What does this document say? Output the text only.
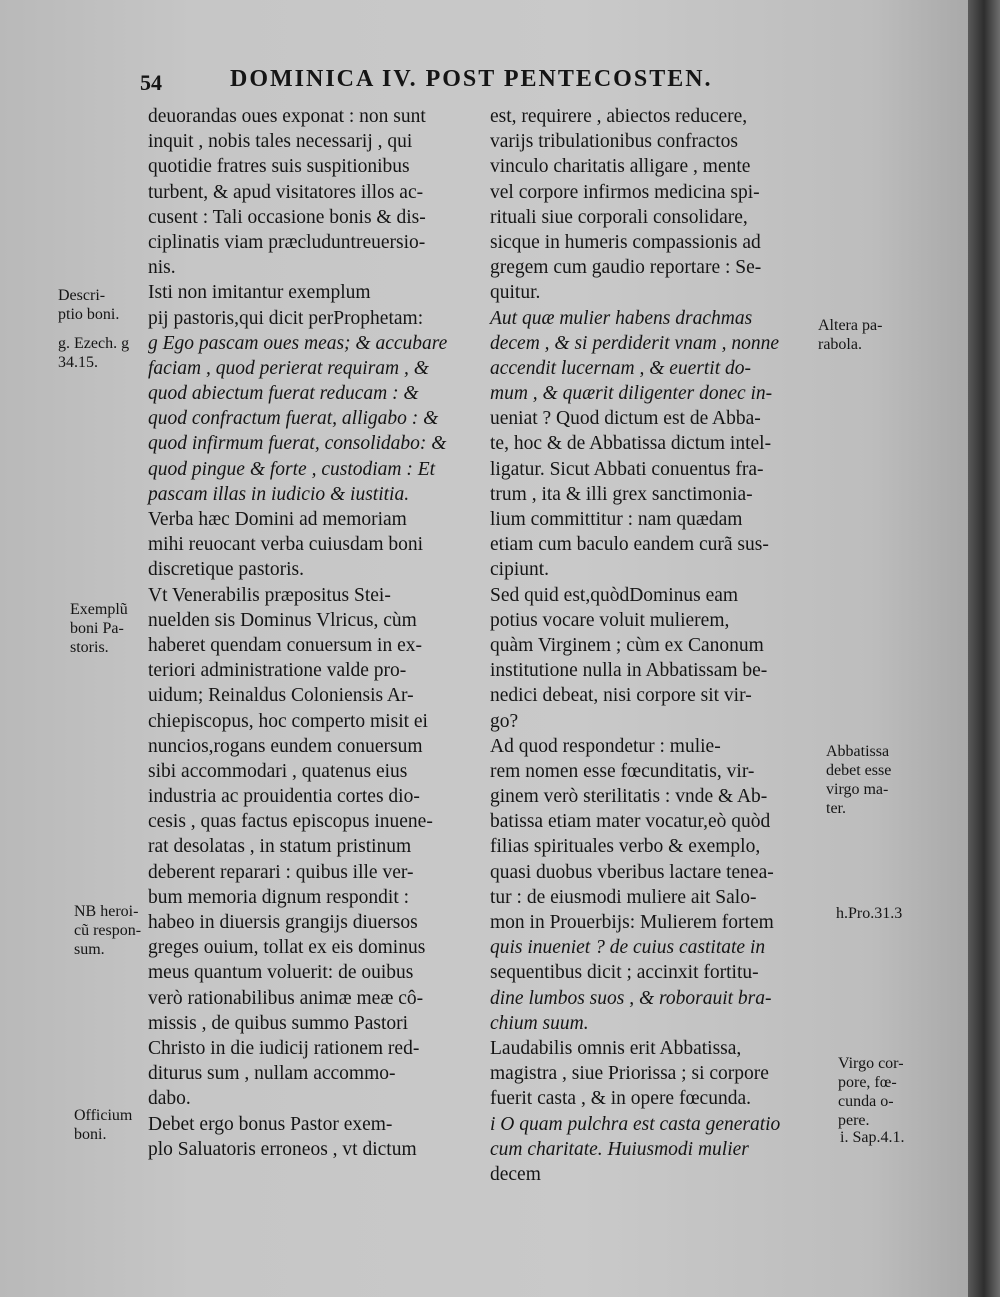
54	DOMINICA IV. POST PENTECOSTEN.
deuorandas oues exponat : non sunt
inquit , nobis tales necessarij , qui
quotidie fratres suis suspitionibus
turbent, & apud visitatores illos ac-
cusent : Tali occasione bonis & dis-
ciplinatis viam præcluduntreuersio-
nis.
Isti non imitantur exemplum
pij pastoris,qui dicit perProphetam:
g Ego pascam oues meas; & accubare
faciam , quod perierat requiram , &
quod abiectum fuerat reducam : &
quod confractum fuerat, alligabo : &
quod infirmum fuerat, consolidabo: &
quod pingue & forte , custodiam : Et
pascam illas in iudicio & iustitia.
Verba hæc Domini ad memoriam
mihi reuocant verba cuiusdam boni
discretique pastoris.
Vt Venerabilis præpositus Stei-
nuelden sis Dominus Vlricus, cùm
haberet quendam conuersum in ex-
teriori administratione valde pro-
uidum; Reinaldus Coloniensis Ar-
chiepiscopus, hoc comperto misit ei
nuncios,rogans eundem conuersum
sibi accommodari , quatenus eius
industria ac prouidentia cortes dio-
cesis , quas factus episcopus inuene-
rat desolatas , in statum pristinum
deberent reparari : quibus ille ver-
bum memoria dignum respondit :
habeo in diuersis grangijs diuersos
greges ouium, tollat ex eis dominus
meus quantum voluerit: de ouibus
verò rationabilibus animæ meæ cô-
missis , de quibus summo Pastori
Christo in die iudicij rationem red-
diturus sum , nullam accommo-
dabo.
Debet ergo bonus Pastor exem-
plo Saluatoris erroneos , vt dictum
est, requirere , abiectos reducere,
varijs tribulationibus confractos
vinculo charitatis alligare , mente
vel corpore infirmos medicina spi-
rituali siue corporali consolidare,
sicque in humeris compassionis ad
gregem cum gaudio reportare : Se-
quitur.
Aut quæ mulier habens drachmas
decem , & si perdiderit vnam , nonne
accendit lucernam , & euertit do-
mum , & quærit diligenter donec in-
ueniat ? Quod dictum est de Abba-
te, hoc & de Abbatissa dictum intel-
ligatur. Sicut Abbati conuentus fra-
trum , ita & illi grex sanctimonia-
lium committitur : nam quædam
etiam cum baculo eandem curã sus-
cipiunt.
Sed quid est,quòdDominus eam
potius vocare voluit mulierem,
quàm Virginem ; cùm ex Canonum
institutione nulla in Abbatissam be-
nedici debeat, nisi corpore sit vir-
go?
Ad quod respondetur : mulie-
rem nomen esse fœcunditatis, vir-
ginem verò sterilitatis : vnde & Ab-
batissa etiam mater vocatur,eò quòd
filias spirituales verbo & exemplo,
quasi duobus vberibus lactare tenea-
tur : de eiusmodi muliere ait Salo-
mon in Prouerbijs: Mulierem fortem
quis inueniet ? de cuius castitate in
sequentibus dicit ; accinxit fortitu-
dine lumbos suos , & roborauit bra-
chium suum.
Laudabilis omnis erit Abbatissa,
magistra , siue Priorissa ; si corpore
fuerit casta , & in opere fœcunda.
i O quam pulchra est casta generatio
cum charitate. Huiusmodi mulier
decem
Descri-
ptio boni.
g. Ezech. g
34.15.
Exemplũ
boni Pa-
storis.
NB heroi-
cũ respon-
sum.
Officium
boni.
Altera pa-
rabola.
Abbatissa
debet esse
virgo ma-
ter.
h.Pro.31.3
Virgo cor-
pore, fœ-
cunda o-
pere.
i. Sap.4.1.
